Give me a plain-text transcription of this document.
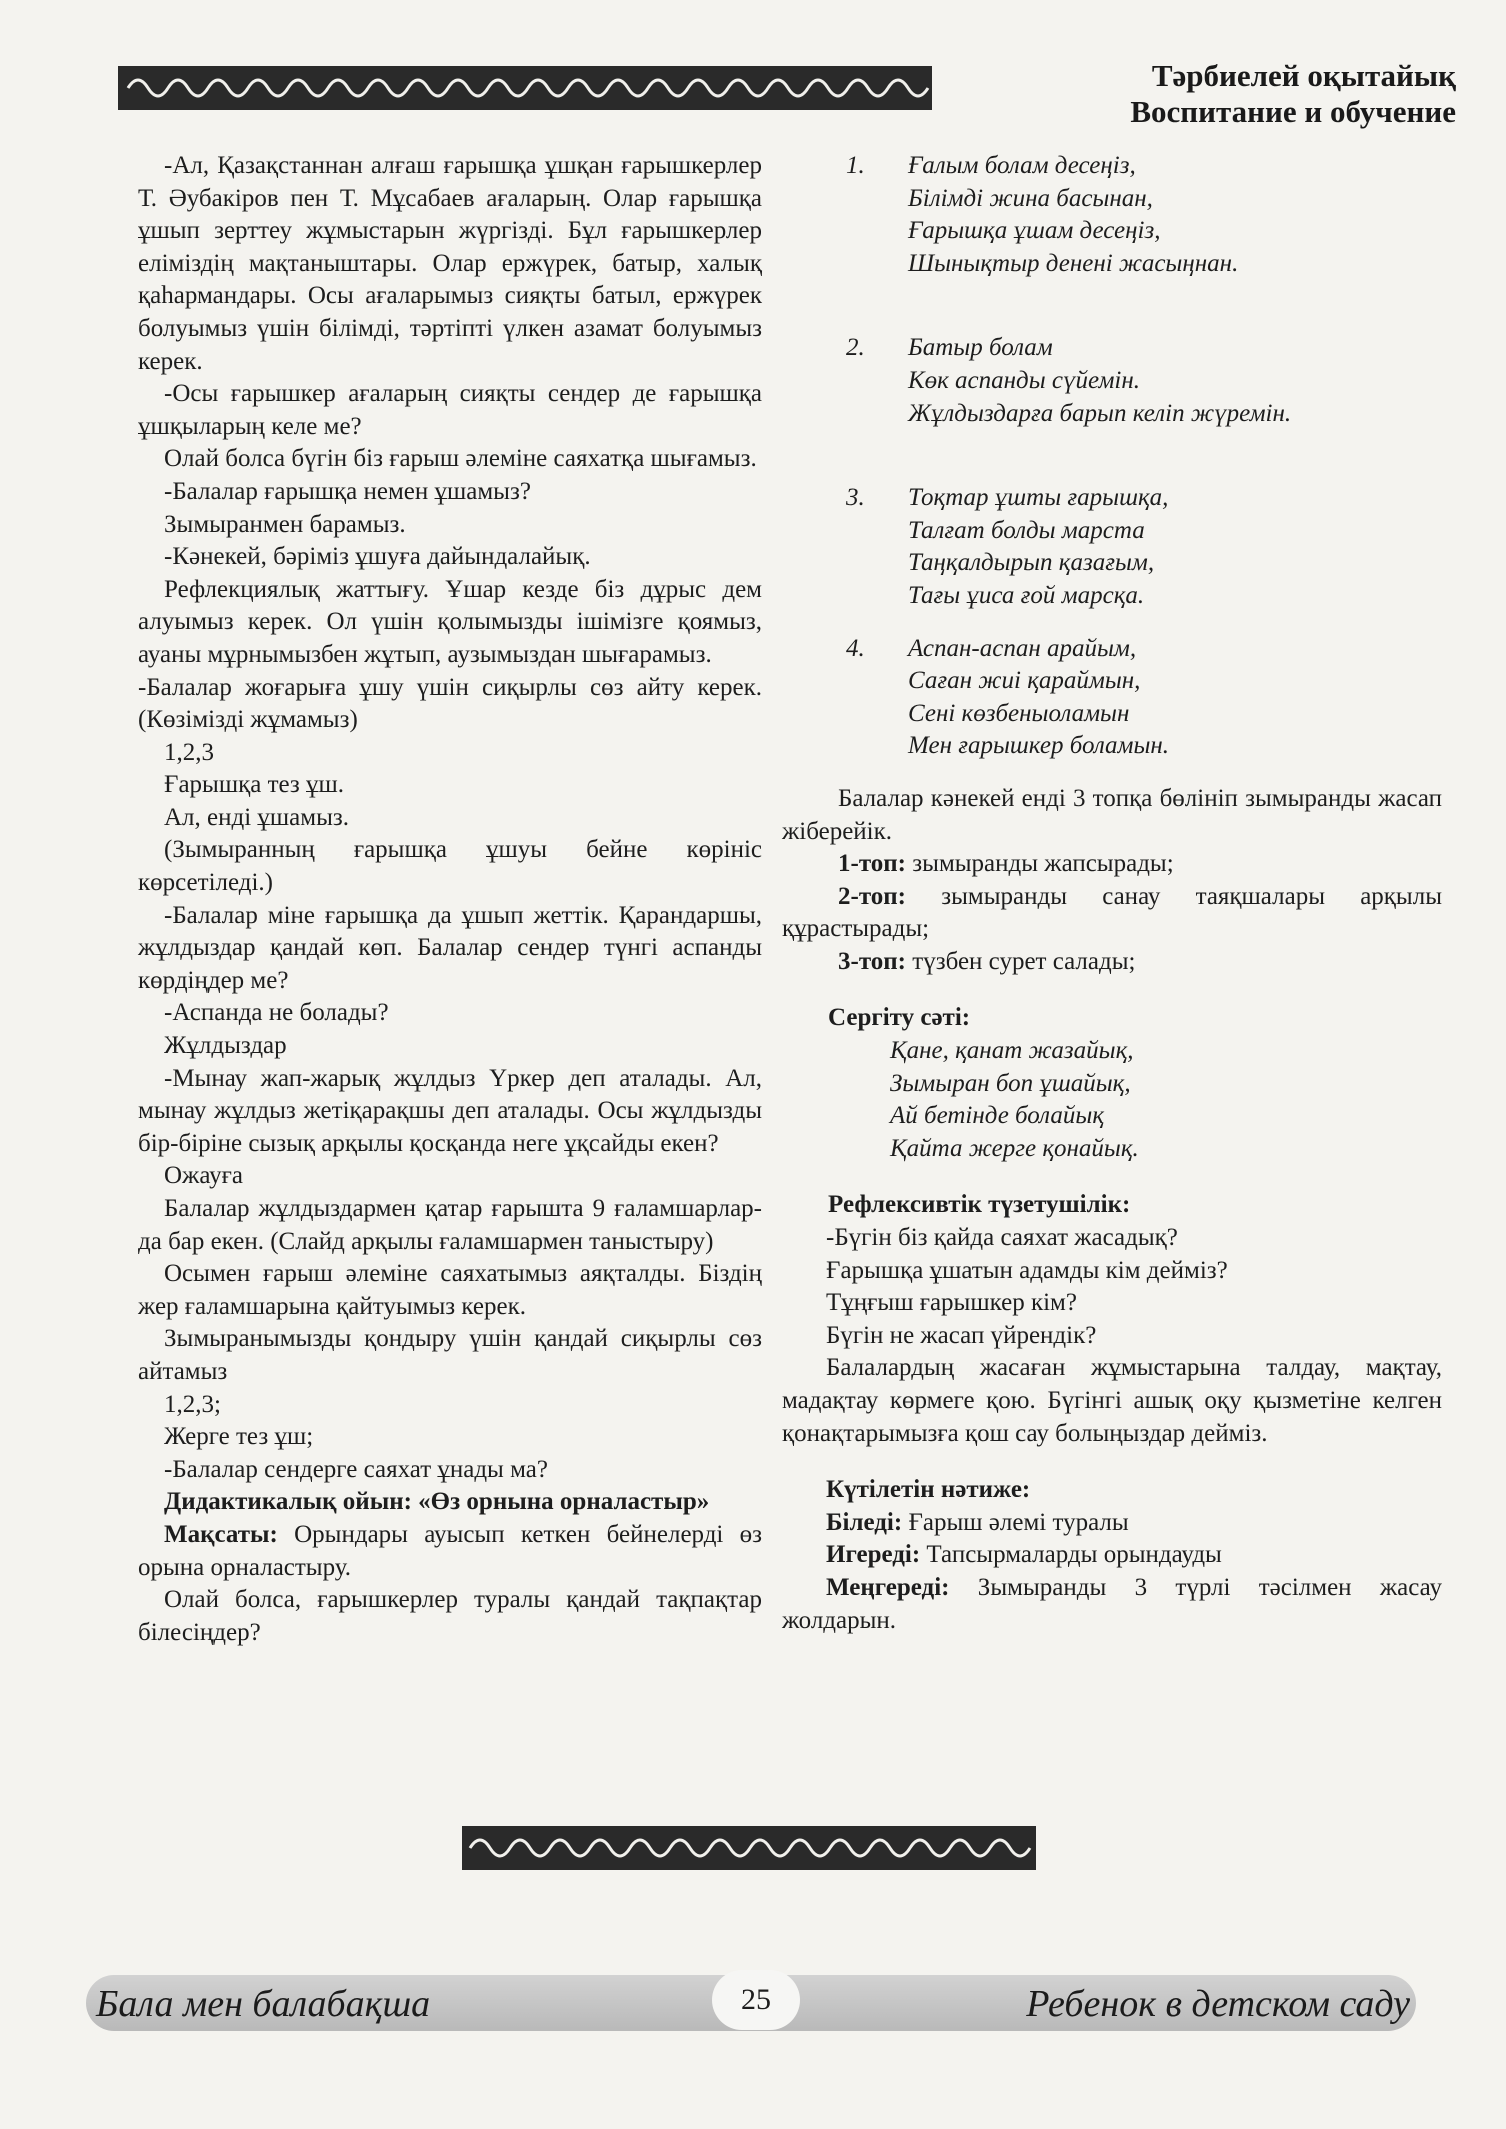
Тәрбиелей оқытайық
Воспитание и обучение

-Ал, Қазақстаннан алғаш ғарышқа ұшқан ғарышкерлер Т. Әубакіров пен Т. Мұсабаев ағаларың. Олар ғарышқа ұшып зерттеу жұмыстарын жүргізді. Бұл ғарышкерлер еліміздің мақтаныштары. Олар ержүрек, батыр, халық қаһармандары. Осы ағаларымыз сияқты батыл, ержүрек болуымыз үшін білімді, тәртіпті үлкен азамат болуымыз керек.

-Осы ғарышкер ағаларың сияқты сендер де ғарышқа ұшқыларың келе ме?

Олай болса бүгін біз ғарыш әлеміне саяхатқа шығамыз.

-Балалар ғарышқа немен ұшамыз?

Зымыранмен барамыз.

-Кәнекей, бәріміз ұшуға дайындалайық.

Рефлекциялық жаттығу. Ұшар кезде біз дұрыс дем алуымыз керек. Ол үшін қолымызды ішімізге қоямыз, ауаны мұрнымызбен жұтып, аузымыздан шығарамыз.

-Балалар жоғарыға ұшу үшін сиқырлы сөз айту керек. (Көзімізді жұмамыз)

1,2,3

Ғарышқа тез ұш.

Ал, енді ұшамыз.

(Зымыранның ғарышқа ұшуы бейне көрініс көрсетіледі.)

-Балалар міне ғарышқа да ұшып жеттік. Қарандаршы, жұлдыздар қандай көп. Балалар сендер түнгі аспанды көрдіңдер ме?

-Аспанда не болады?

Жұлдыздар

-Мынау жап-жарық жұлдыз Үркер деп аталады. Ал, мынау жұлдыз жетіқарақшы деп аталады. Осы жұлдызды бір-біріне сызық арқылы қосқанда неге ұқсайды екен?

Ожауға

Балалар жұлдыздармен қатар ғарышта 9 ғаламшарлар-да бар екен. (Слайд арқылы ғаламшармен таныстыру)

Осымен ғарыш әлеміне саяхатымыз аяқталды. Біздің жер ғаламшарына қайтуымыз керек.

Зымыранымызды қондыру үшін қандай сиқырлы сөз айтамыз

1,2,3;

Жерге тез ұш;

-Балалар сендерге саяхат ұнады ма?

Дидактикалық ойын: «Өз орнына орналастыр»

Мақсаты: Орындары ауысып кеткен бейнелерді өз орына орналастыру.

Олай болса, ғарышкерлер туралы қандай тақпақтар білесіңдер?

1.	Ғалым болам десеңіз,
Білімді жина басынан,
Ғарышқа ұшам десеңіз,
Шынықтыр денені жасыңнан.
2.	Батыр болам
Көк аспанды сүйемін.
Жұлдыздарға барып келіп жүремін.
3.	Тоқтар ұшты ғарышқа,
Талғат болды марста
Таңқалдырып қазағым,
Тағы ұиса ғой марсқа.
4.	Аспан-аспан арайым,
Саған жиі қараймын,
Сені көзбеныоламын
Мен ғарышкер боламын.

Балалар кәнекей енді 3 топқа бөлініп зымыранды жасап жіберейік.

1-топ: зымыранды жапсырады;

2-топ: зымыранды санау таяқшалары арқылы құрастырады;

3-топ: түзбен сурет салады;

Сергіту сәті:

Қане, қанат жазайық,
Зымыран боп ұшайық,
Ай бетінде болайық
Қайта жерге қонайық.

Рефлексивтік түзетушілік:

-Бүгін біз қайда саяхат жасадық?

Ғарышқа ұшатын адамды кім дейміз?

Тұңғыш ғарышкер кім?

Бүгін не жасап үйрендік?

Балалардың жасаған жұмыстарына талдау, мақтау, мадақтау көрмеге қою. Бүгінгі ашық оқу қызметіне келген қонақтарымызға қош сау болыңыздар дейміз.

Күтілетін нәтиже:

Біледі: Ғарыш әлемі туралы

Игереді: Тапсырмаларды орындауды

Меңгереді: Зымыранды 3 түрлі тәсілмен жасау жолдарын.

Бала мен балабақша	25	Ребенок в детском саду
